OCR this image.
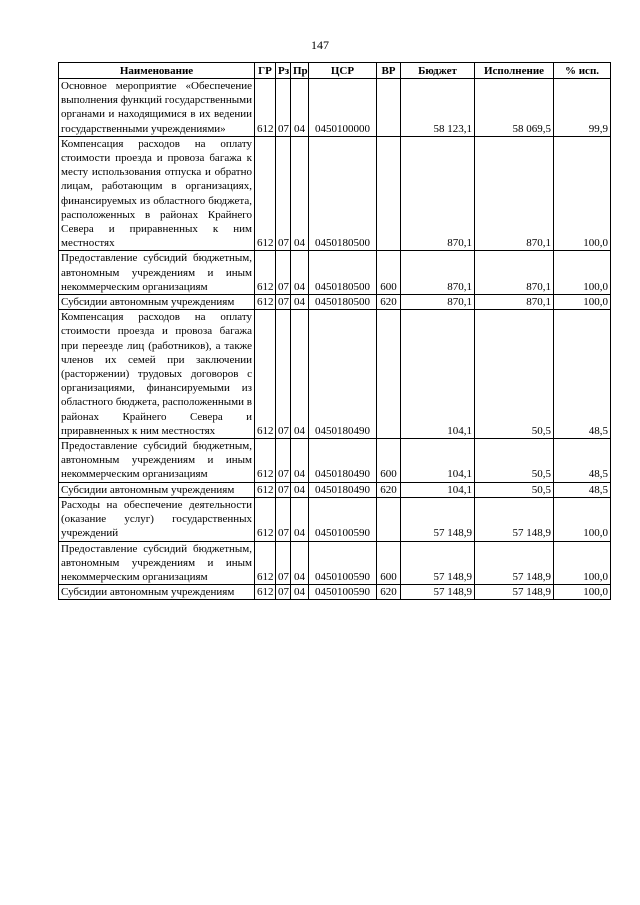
147
Наименование	ГР	Рз	Пр	ЦСР	ВР	Бюджет	Исполнение	% исп.
Основное мероприятие «Обеспечение выполнения функций государственными органами и находящимися в их ведении государственными учреждениями»	612	07	04	0450100000		58 123,1	58 069,5	99,9
Компенсация расходов на оплату стоимости проезда и провоза багажа к месту использования отпуска и обратно лицам, работающим в организациях, финансируемых из областного бюджета, расположенных в районах Крайнего Севера и приравненных к ним местностях	612	07	04	0450180500		870,1	870,1	100,0
Предоставление субсидий бюджетным, автономным учреждениям и иным некоммерческим организациям	612	07	04	0450180500	600	870,1	870,1	100,0
Субсидии автономным учреждениям	612	07	04	0450180500	620	870,1	870,1	100,0
Компенсация расходов на оплату стоимости проезда и провоза багажа при переезде лиц (работников), а также членов их семей при заключении (расторжении) трудовых договоров с организациями, финансируемыми из областного бюджета, расположенными в районах Крайнего Севера и приравненных к ним местностях	612	07	04	0450180490		104,1	50,5	48,5
Предоставление субсидий бюджетным, автономным учреждениям и иным некоммерческим организациям	612	07	04	0450180490	600	104,1	50,5	48,5
Субсидии автономным учреждениям	612	07	04	0450180490	620	104,1	50,5	48,5
Расходы на обеспечение деятельности (оказание услуг) государственных учреждений	612	07	04	0450100590		57 148,9	57 148,9	100,0
Предоставление субсидий бюджетным, автономным учреждениям и иным некоммерческим организациям	612	07	04	0450100590	600	57 148,9	57 148,9	100,0
Субсидии автономным учреждениям	612	07	04	0450100590	620	57 148,9	57 148,9	100,0
